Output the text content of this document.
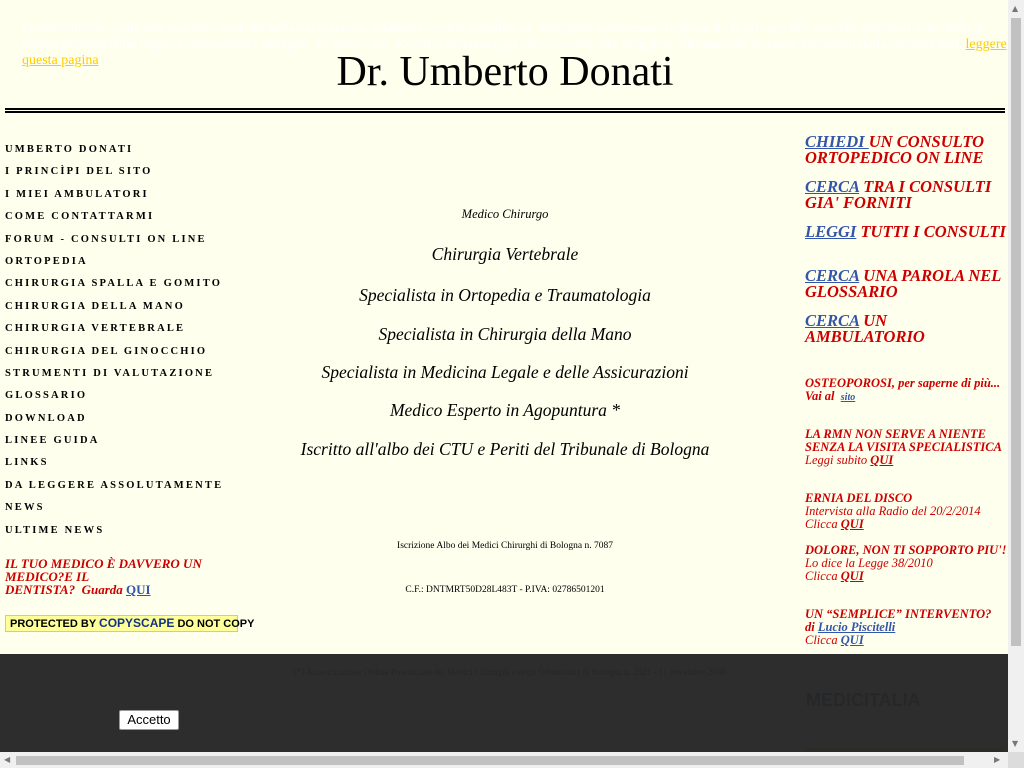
Dr. Umberto Donati
UMBERTO DONATI
I PRINCÌPI DEL SITO
I MIEI AMBULATORI
COME CONTATTARMI
FORUM - CONSULTI ON LINE
ORTOPEDIA
CHIRURGIA SPALLA E GOMITO
CHIRURGIA DELLA MANO
CHIRURGIA VERTEBRALE
CHIRURGIA DEL GINOCCHIO
STRUMENTI DI VALUTAZIONE
GLOSSARIO
DOWNLOAD
LINEE GUIDA
LINKS
DA LEGGERE ASSOLUTAMENTE
NEWS
ULTIME NEWS
IL TUO MEDICO È DAVVERO UN
MEDICO?E IL
DENTISTA? Guarda QUI
PROTECTED BY COPYSCAPE DO NOT COPY
Medico Chirurgo
Chirurgia Vertebrale
Specialista in Ortopedia e Traumatologia
Specialista in Chirurgia della Mano
Specialista in Medicina Legale e delle Assicurazioni
Medico Esperto in Agopuntura *
Iscritto all'albo dei CTU e Periti del Tribunale di Bologna
Iscrizione Albo dei Medici Chirurghi di Bologna n. 7087
C.F.: DNTMRT50D28L483T - P.IVA: 02786501201
CHIEDI UN CONSULTO ORTOPEDICO ON LINE
CERCA TRA I CONSULTI GIA' FORNITI
LEGGI TUTTI I CONSULTI
CERCA UNA PAROLA NEL GLOSSARIO
CERCA UN AMBULATORIO
OSTEOPOROSI, per saperne di più...
Vai al sito
LA RMN NON SERVE A NIENTE SENZA LA VISITA SPECIALISTICA
Leggi subito QUI
ERNIA DEL DISCO
Intervista alla Radio del 20/2/2014
Clicca QUI
DOLORE, NON TI SOPPORTO PIU'!
Lo dice la Legge 38/2010
Clicca QUI
UN “SEMPLICE” INTERVENTO?
di Lucio Piscitelli
Clicca QUI
Questo sito raccoglie dati statistici anonimi sulla navigazione, mediante cookie installati da terze parti autorizzate, rispettando la privacy dei tuoi dati personali e secondo le norme previste dalla legge. Continuando a navigare su questo sito accetti il servizio e gli stessi cookie. Per maggiori informazioni su come escluderli dalla raccolta dati, leggere questa pagina.
Accetto
▲
▼
◀	▶
